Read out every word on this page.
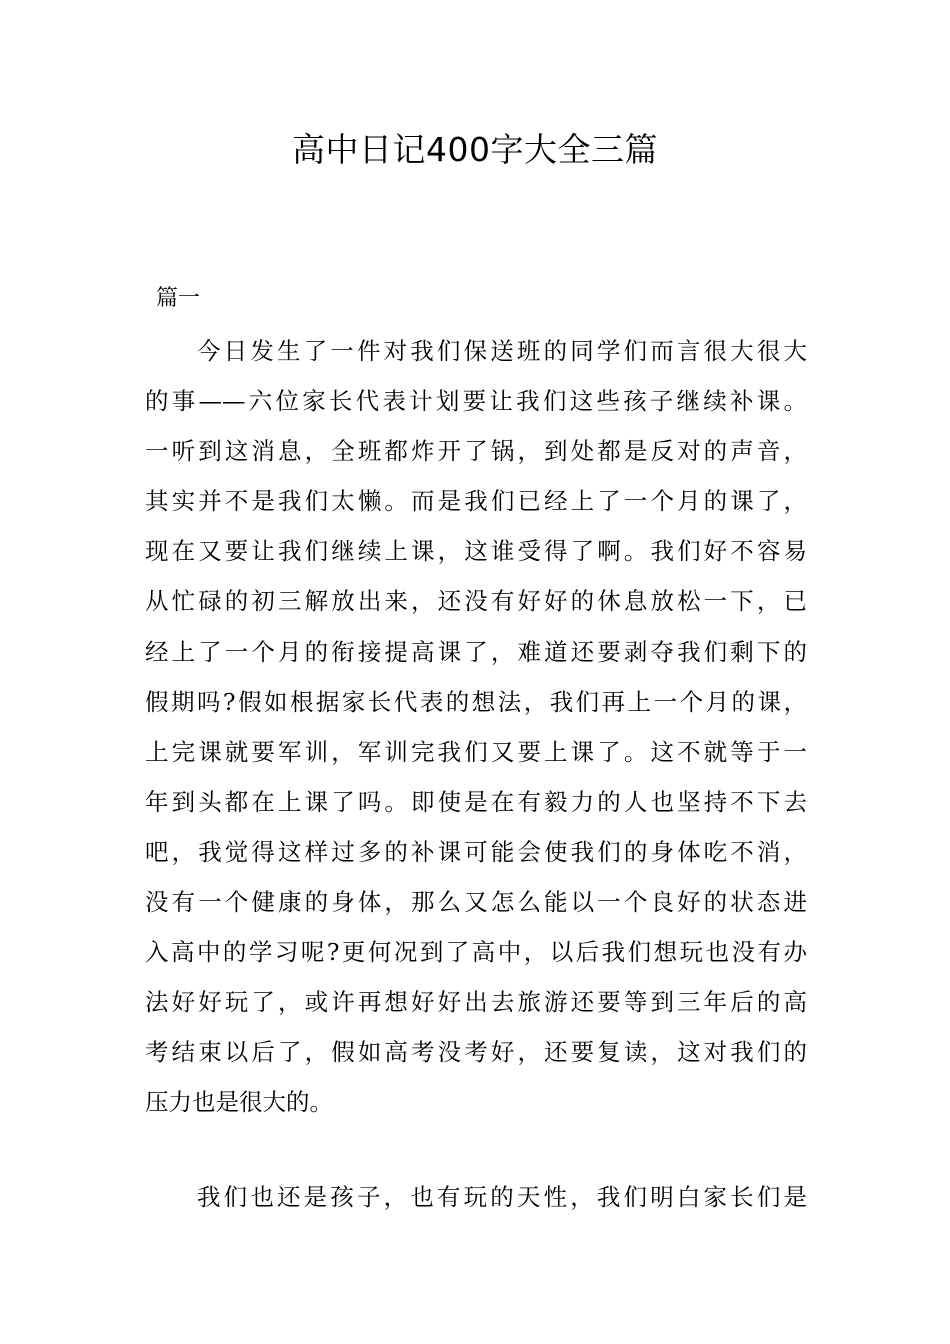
高中日记400字大全三篇
篇一
今日发生了一件对我们保送班的同学们而言很大很大
的事——六位家长代表计划要让我们这些孩子继续补课。
一听到这消息，全班都炸开了锅，到处都是反对的声音，
其实并不是我们太懒。而是我们已经上了一个月的课了，
现在又要让我们继续上课，这谁受得了啊。我们好不容易
从忙碌的初三解放出来，还没有好好的休息放松一下，已
经上了一个月的衔接提高课了，难道还要剥夺我们剩下的
假期吗?假如根据家长代表的想法，我们再上一个月的课，
上完课就要军训，军训完我们又要上课了。这不就等于一
年到头都在上课了吗。即使是在有毅力的人也坚持不下去
吧，我觉得这样过多的补课可能会使我们的身体吃不消，
没有一个健康的身体，那么又怎么能以一个良好的状态进
入高中的学习呢?更何况到了高中，以后我们想玩也没有办
法好好玩了，或许再想好好出去旅游还要等到三年后的高
考结束以后了，假如高考没考好，还要复读，这对我们的
压力也是很大的。
我们也还是孩子，也有玩的天性，我们明白家长们是
